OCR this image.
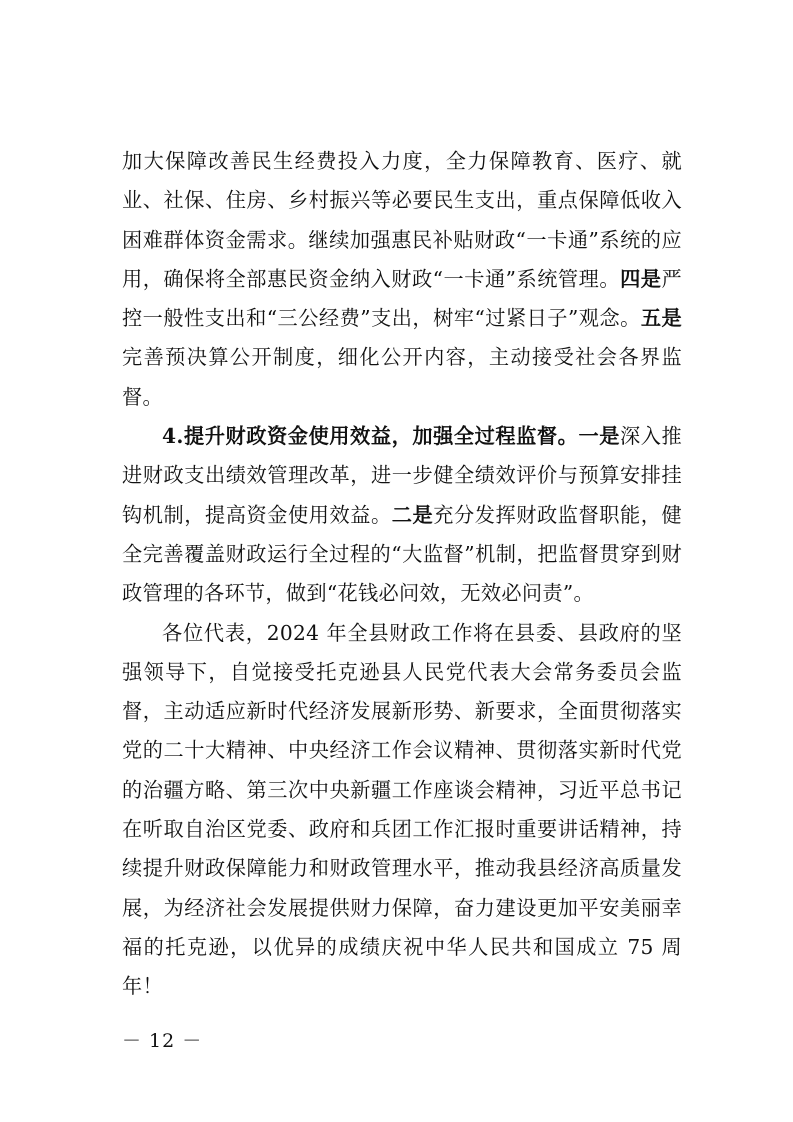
加大保障改善民生经费投入力度，全力保障教育、医疗、就业、社保、住房、乡村振兴等必要民生支出，重点保障低收入困难群体资金需求。继续加强惠民补贴财政“一卡通”系统的应用，确保将全部惠民资金纳入财政“一卡通”系统管理。四是严控一般性支出和“三公经费”支出，树牢“过紧日子”观念。五是完善预决算公开制度，细化公开内容，主动接受社会各界监督。

4.提升财政资金使用效益，加强全过程监督。一是深入推进财政支出绩效管理改革，进一步健全绩效评价与预算安排挂钩机制，提高资金使用效益。二是充分发挥财政监督职能，健全完善覆盖财政运行全过程的“大监督”机制，把监督贯穿到财政管理的各环节，做到“花钱必问效，无效必问责”。

各位代表，2024 年全县财政工作将在县委、县政府的坚强领导下，自觉接受托克逊县人民党代表大会常务委员会监督，主动适应新时代经济发展新形势、新要求，全面贯彻落实党的二十大精神、中央经济工作会议精神、贯彻落实新时代党的治疆方略、第三次中央新疆工作座谈会精神，习近平总书记在听取自治区党委、政府和兵团工作汇报时重要讲话精神，持续提升财政保障能力和财政管理水平，推动我县经济高质量发展，为经济社会发展提供财力保障，奋力建设更加平安美丽幸福的托克逊，以优异的成绩庆祝中华人民共和国成立 75 周年！

－ 12 －
